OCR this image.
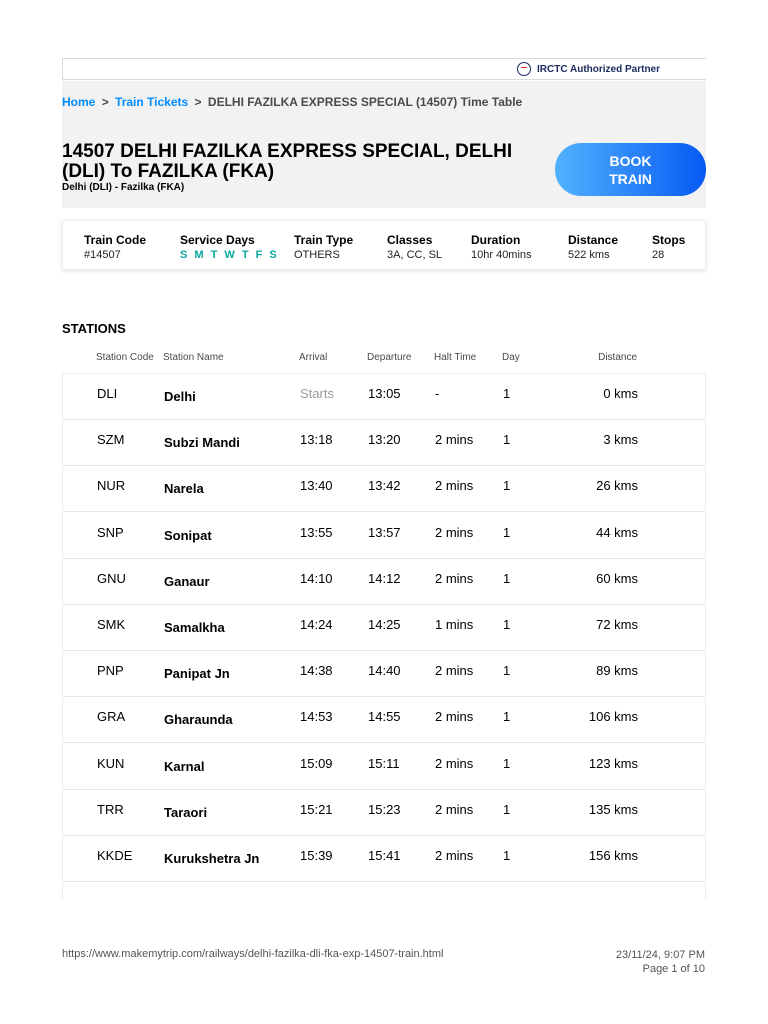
IRCTC Authorized Partner
Home > Train Tickets > DELHI FAZILKA EXPRESS SPECIAL (14507) Time Table
14507 DELHI FAZILKA EXPRESS SPECIAL, DELHI (DLI) To FAZILKA (FKA)
Delhi (DLI) - Fazilka (FKA)
BOOK TRAIN
Train Code
#14507
Service Days
S M T W T F S
Train Type
OTHERS
Classes
3A, CC, SL
Duration
10hr 40mins
Distance
522 kms
Stops
28
STATIONS
Station Code Station Name	Arrival	Departure Halt Time	Day	Distance
DLI	Delhi	Starts	13:05	-	1	0 kms
SZM	Subzi Mandi	13:18	13:20	2 mins 1	3 kms
NUR	Narela	13:40	13:42	2 mins 1	26 kms
SNP	Sonipat	13:55	13:57	2 mins 1	44 kms
GNU	Ganaur	14:10	14:12	2 mins 1	60 kms
SMK	Samalkha	14:24	14:25	1 mins 1	72 kms
PNP	Panipat Jn	14:38	14:40	2 mins 1	89 kms
GRA	Gharaunda	14:53	14:55	2 mins 1	106 kms
KUN	Karnal	15:09	15:11	2 mins 1	123 kms
TRR	Taraori	15:21	15:23	2 mins 1	135 kms
KKDE Kurukshetra Jn	15:39	15:41	2 mins 1	156 kms
https://www.makemytrip.com/railways/delhi-fazilka-dli-fka-exp-14507-train.html	23/11/24, 9:07 PM
Page 1 of 10
